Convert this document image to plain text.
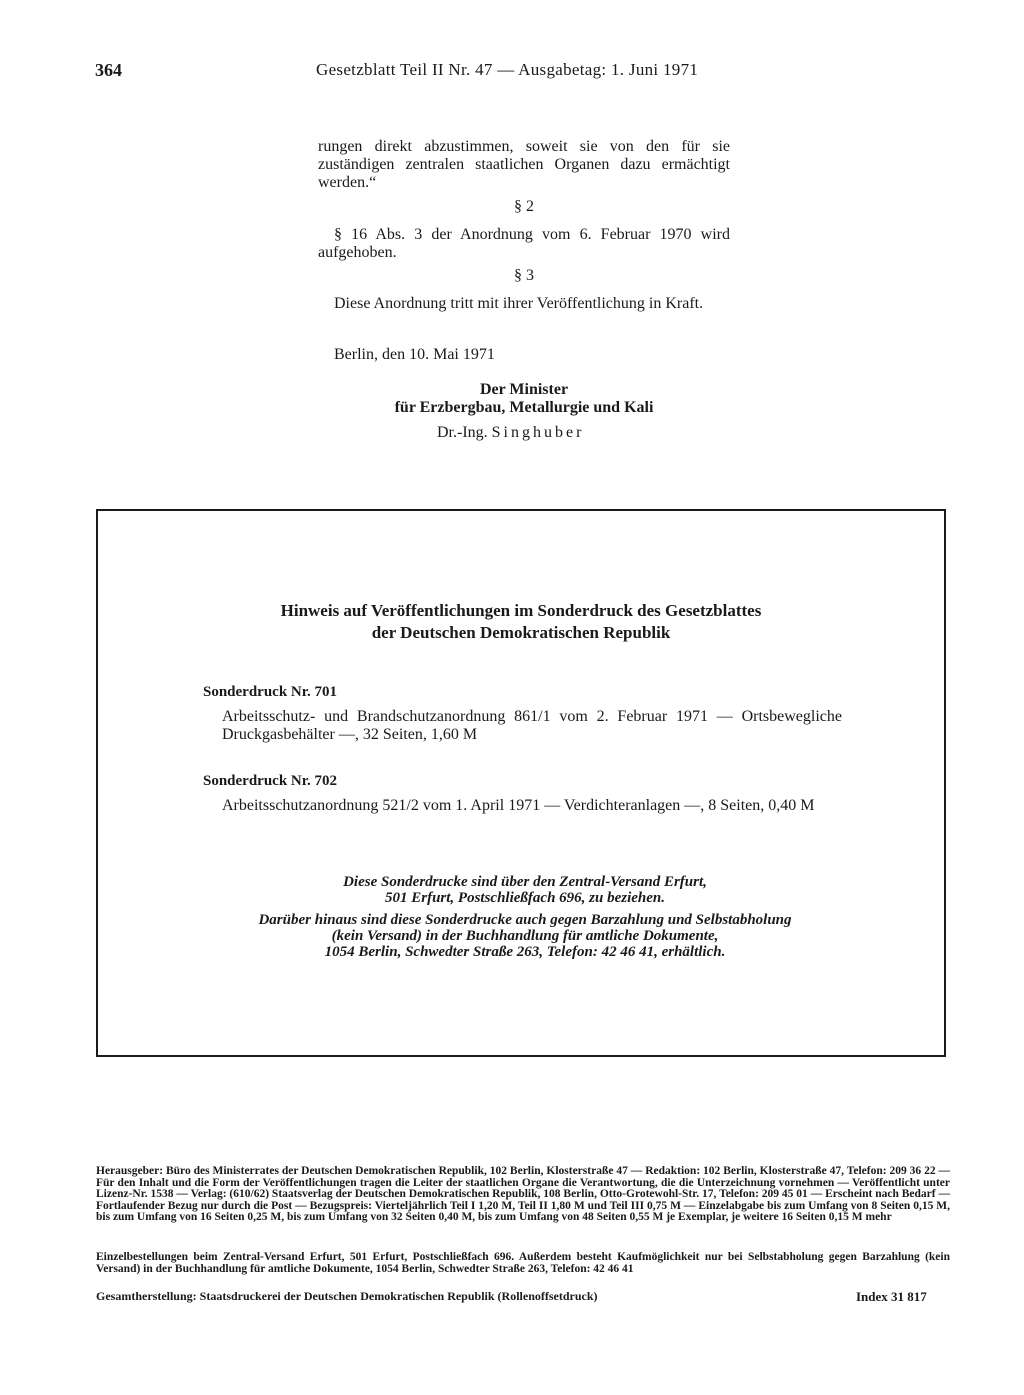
364	Gesetzblatt Teil II Nr. 47 — Ausgabetag: 1. Juni 1971
rungen direkt abzustimmen, soweit sie von den für sie zuständigen zentralen staatlichen Organen dazu ermächtigt werden.“
§ 2
§ 16 Abs. 3 der Anordnung vom 6. Februar 1970 wird aufgehoben.
§ 3
Diese Anordnung tritt mit ihrer Veröffentlichung in Kraft.
Berlin, den 10. Mai 1971
Der Minister
für Erzbergbau, Metallurgie und Kali
Dr.-Ing. Singhuber
Hinweis auf Veröffentlichungen im Sonderdruck des Gesetzblattes
der Deutschen Demokratischen Republik
Sonderdruck Nr. 701
Arbeitsschutz- und Brandschutzanordnung 861/1 vom 2. Februar 1971 — Ortsbewegliche Druckgasbehälter —, 32 Seiten, 1,60 M
Sonderdruck Nr. 702
Arbeitsschutzanordnung 521/2 vom 1. April 1971 — Verdichteranlagen —, 8 Seiten, 0,40 M
Diese Sonderdrucke sind über den Zentral-Versand Erfurt,
501 Erfurt, Postschließfach 696, zu beziehen.
Darüber hinaus sind diese Sonderdrucke auch gegen Barzahlung und Selbstabholung
(kein Versand) in der Buchhandlung für amtliche Dokumente,
1054 Berlin, Schwedter Straße 263, Telefon: 42 46 41, erhältlich.
Herausgeber: Büro des Ministerrates der Deutschen Demokratischen Republik, 102 Berlin, Klosterstraße 47 — Redaktion: 102 Berlin, Klosterstraße 47, Telefon: 209 36 22 — Für den Inhalt und die Form der Veröffentlichungen tragen die Leiter der staatlichen Organe die Verantwortung, die die Unterzeichnung vornehmen — Veröffentlicht unter Lizenz-Nr. 1538 — Verlag: (610/62) Staatsverlag der Deutschen Demokratischen Republik, 108 Berlin, Otto-Grotewohl-Str. 17, Telefon: 209 45 01 — Erscheint nach Bedarf — Fortlaufender Bezug nur durch die Post — Bezugspreis: Vierteljährlich Teil I 1,20 M, Teil II 1,80 M und Teil III 0,75 M — Einzelabgabe bis zum Umfang von 8 Seiten 0,15 M, bis zum Umfang von 16 Seiten 0,25 M, bis zum Umfang von 32 Seiten 0,40 M, bis zum Umfang von 48 Seiten 0,55 M je Exemplar, je weitere 16 Seiten 0,15 M mehr
Einzelbestellungen beim Zentral-Versand Erfurt, 501 Erfurt, Postschließfach 696. Außerdem besteht Kaufmöglichkeit nur bei Selbstabholung gegen Barzahlung (kein Versand) in der Buchhandlung für amtliche Dokumente, 1054 Berlin, Schwedter Straße 263, Telefon: 42 46 41
Gesamtherstellung: Staatsdruckerei der Deutschen Demokratischen Republik (Rollenoffsetdruck)	Index 31 817
